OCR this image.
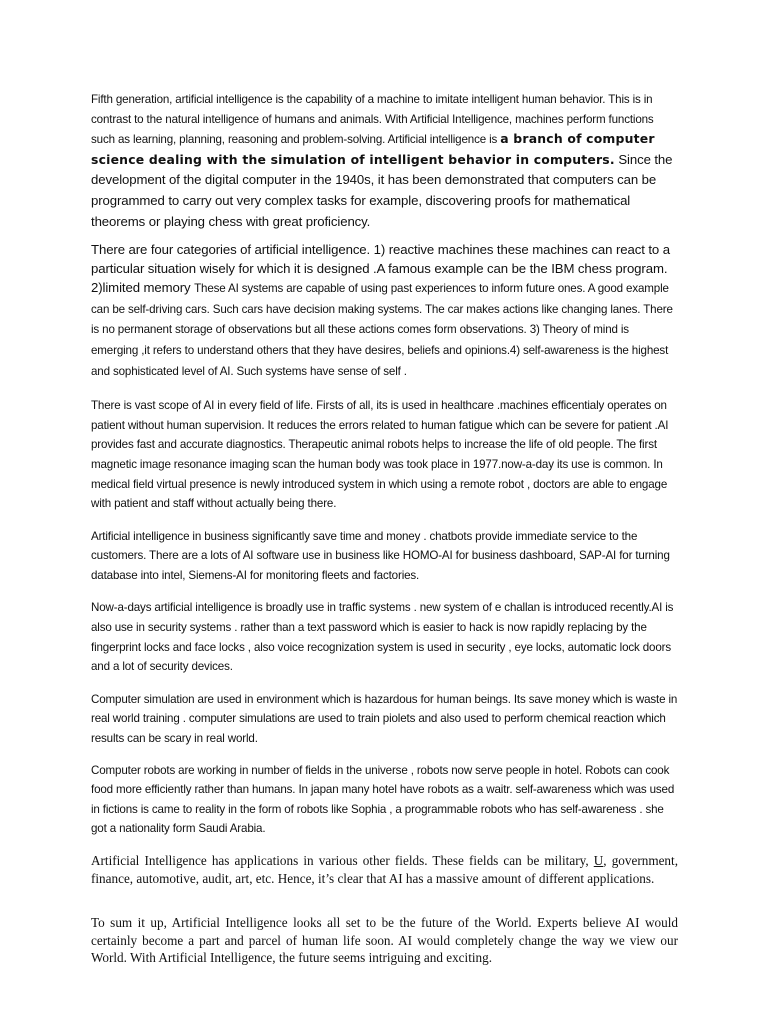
Fifth generation, artificial intelligence is the capability of a machine to imitate intelligent human behavior. This is in contrast to the natural intelligence of humans and animals. With Artificial Intelligence, machines perform functions such as learning, planning, reasoning and problem-solving. Artificial intelligence is a branch of computer science dealing with the simulation of intelligent behavior in computers. Since the development of the digital computer in the 1940s, it has been demonstrated that computers can be programmed to carry out very complex tasks for example, discovering proofs for mathematical theorems or playing chess with great proficiency.

There are four categories of artificial intelligence. 1) reactive machines these machines can react to a particular situation wisely for which it is designed .A famous example can be the IBM chess program. 2)limited memory These AI systems are capable of using past experiences to inform future ones. A good example can be self-driving cars. Such cars have decision making systems. The car makes actions like changing lanes. There is no permanent storage of observations but all these actions comes form observations. 3) Theory of mind is emerging ,it refers to understand others that they have desires, beliefs and opinions.4) self-awareness is the highest and sophisticated level of AI. Such systems have sense of self .

There is vast scope of AI in every field of life. Firsts of all, its is used in healthcare .machines efficentialy operates on patient without human supervision. It reduces the errors related to human fatigue which can be severe for patient .AI provides fast and accurate diagnostics. Therapeutic animal robots helps to increase the life of old people. The first magnetic image resonance imaging scan the human body was took place in 1977.now-a-day its use is common. In medical field virtual presence is newly introduced system in which using a remote robot , doctors are able to engage with patient and staff without actually being there.

Artificial intelligence in business significantly save time and money . chatbots provide immediate service to the customers. There are a lots of AI software use in business like HOMO-AI for business dashboard, SAP-AI for turning database into intel, Siemens-AI for monitoring fleets and factories.

Now-a-days artificial intelligence is broadly use in traffic systems . new system of e challan is introduced recently.AI is also use in security systems . rather than a text password which is easier to hack is now rapidly replacing by the fingerprint locks and face locks , also voice recognization system is used in security , eye locks, automatic lock doors and a lot of security devices.

Computer simulation are used in environment which is hazardous for human beings. Its save money which is waste in real world training . computer simulations are used to train piolets and also used to perform chemical reaction which results can be scary in real world.

Computer robots are working in number of fields in the universe , robots now serve people in hotel. Robots can cook food more efficiently rather than humans. In japan many hotel have robots as a waitr. self-awareness which was used in fictions is came to reality in the form of robots like Sophia , a programmable robots who has self-awareness . she got a nationality form Saudi Arabia.

Artificial Intelligence has applications in various other fields. These fields can be military, U, government, finance, automotive, audit, art, etc. Hence, it’s clear that AI has a massive amount of different applications.

To sum it up, Artificial Intelligence looks all set to be the future of the World. Experts believe AI would certainly become a part and parcel of human life soon. AI would completely change the way we view our World. With Artificial Intelligence, the future seems intriguing and exciting.
